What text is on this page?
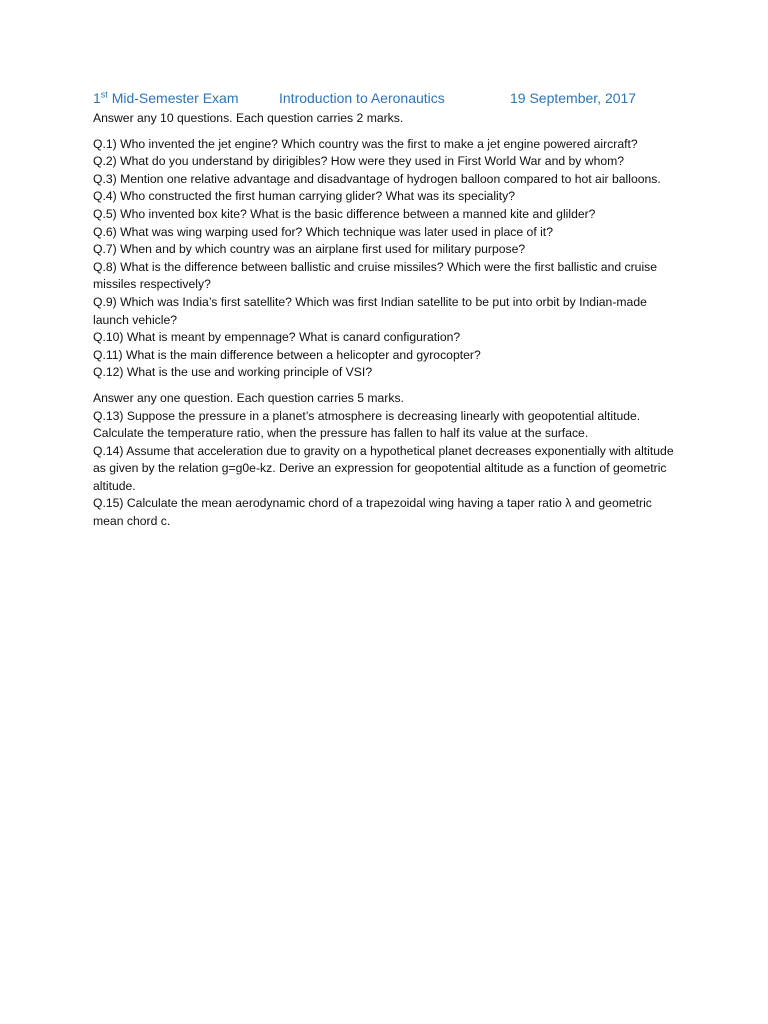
1st Mid-Semester Exam	Introduction to Aeronautics	19 September, 2017

Answer any 10 questions. Each question carries 2 marks.

Q.1) Who invented the jet engine? Which country was the first to make a jet engine powered aircraft?

Q.2) What do you understand by dirigibles? How were they used in First World War and by whom?

Q.3) Mention one relative advantage and disadvantage of hydrogen balloon compared to hot air balloons.

Q.4) Who constructed the first human carrying glider? What was its speciality?

Q.5) Who invented box kite? What is the basic difference between a manned kite and glilder?

Q.6) What was wing warping used for? Which technique was later used in place of it?

Q.7) When and by which country was an airplane first used for military purpose?

Q.8) What is the difference between ballistic and cruise missiles? Which were the first ballistic and cruise missiles respectively?

Q.9) Which was India’s first satellite? Which was first Indian satellite to be put into orbit by Indian-made launch vehicle?

Q.10) What is meant by empennage? What is canard configuration?

Q.11) What is the main difference between a helicopter and gyrocopter?

Q.12) What is the use and working principle of VSI?

Answer any one question. Each question carries 5 marks.

Q.13) Suppose the pressure in a planet’s atmosphere is decreasing linearly with geopotential altitude. Calculate the temperature ratio, when the pressure has fallen to half its value at the surface.

Q.14) Assume that acceleration due to gravity on a hypothetical planet decreases exponentially with altitude as given by the relation g=g0e-kz. Derive an expression for geopotential altitude as a function of geometric altitude.

Q.15) Calculate the mean aerodynamic chord of a trapezoidal wing having a taper ratio λ and geometric mean chord c.
